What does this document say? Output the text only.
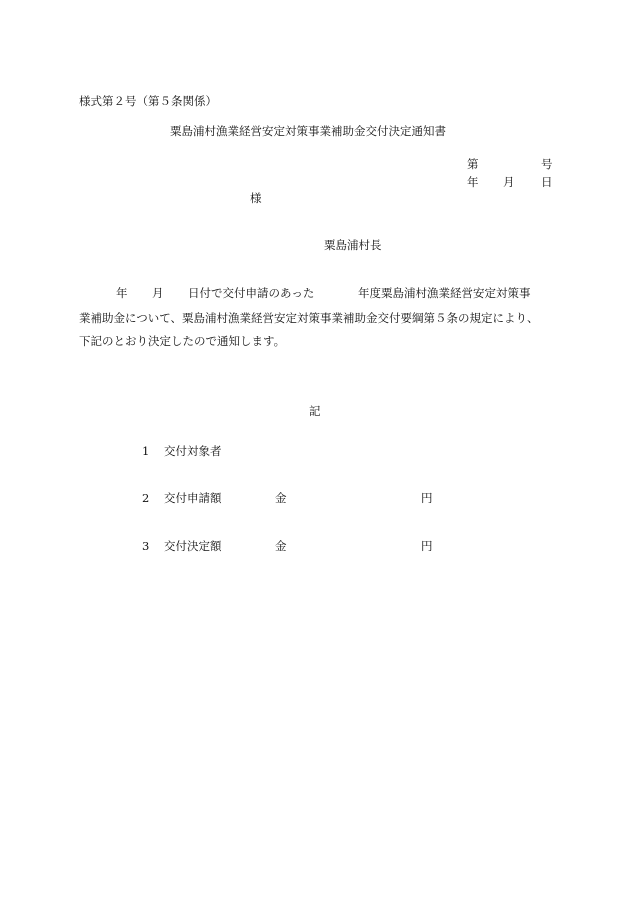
様式第２号（第５条関係）
粟島浦村漁業経営安定対策事業補助金交付決定通知書
第	号
年 月 日
様
粟島浦村長
年 月 日付で交付申請のあった	年度粟島浦村漁業経営安定対策事
業補助金について、粟島浦村漁業経営安定対策事業補助金交付要綱第５条の規定により、
下記のとおり決定したので通知します。
記
1 交付対象者
2 交付申請額	金	円
3 交付決定額	金	円
